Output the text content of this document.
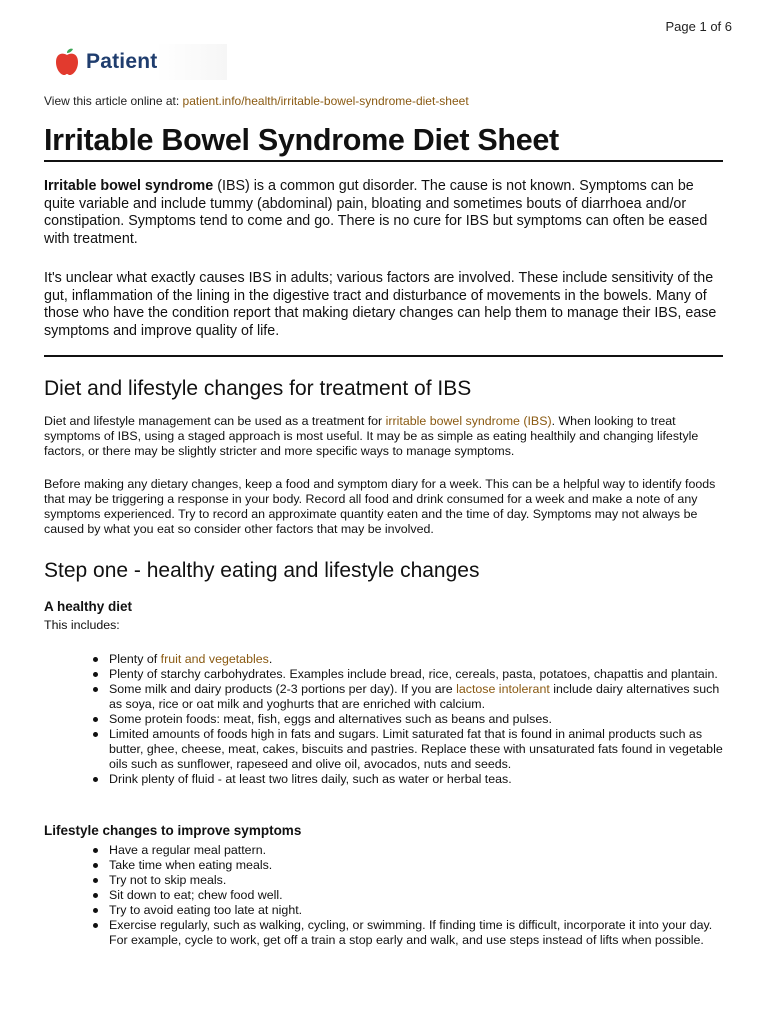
Page 1 of 6
Patient
View this article online at: patient.info/health/irritable-bowel-syndrome-diet-sheet
Irritable Bowel Syndrome Diet Sheet

Irritable bowel syndrome (IBS) is a common gut disorder. The cause is not known. Symptoms can be quite variable and include tummy (abdominal) pain, bloating and sometimes bouts of diarrhoea and/or constipation. Symptoms tend to come and go. There is no cure for IBS but symptoms can often be eased with treatment.

It's unclear what exactly causes IBS in adults; various factors are involved. These include sensitivity of the gut, inflammation of the lining in the digestive tract and disturbance of movements in the bowels. Many of those who have the condition report that making dietary changes can help them to manage their IBS, ease symptoms and improve quality of life.

Diet and lifestyle changes for treatment of IBS

Diet and lifestyle management can be used as a treatment for irritable bowel syndrome (IBS). When looking to treat symptoms of IBS, using a staged approach is most useful. It may be as simple as eating healthily and changing lifestyle factors, or there may be slightly stricter and more specific ways to manage symptoms.

Before making any dietary changes, keep a food and symptom diary for a week. This can be a helpful way to identify foods that may be triggering a response in your body. Record all food and drink consumed for a week and make a note of any symptoms experienced. Try to record an approximate quantity eaten and the time of day. Symptoms may not always be caused by what you eat so consider other factors that may be involved.

Step one - healthy eating and lifestyle changes
A healthy diet

This includes:

Plenty of fruit and vegetables.
Plenty of starchy carbohydrates. Examples include bread, rice, cereals, pasta, potatoes, chapattis and plantain.
Some milk and dairy products (2-3 portions per day). If you are lactose intolerant include dairy alternatives such as soya, rice or oat milk and yoghurts that are enriched with calcium.
Some protein foods: meat, fish, eggs and alternatives such as beans and pulses.
Limited amounts of foods high in fats and sugars. Limit saturated fat that is found in animal products such as butter, ghee, cheese, meat, cakes, biscuits and pastries. Replace these with unsaturated fats found in vegetable oils such as sunflower, rapeseed and olive oil, avocados, nuts and seeds.
Drink plenty of fluid - at least two litres daily, such as water or herbal teas.
Lifestyle changes to improve symptoms
Have a regular meal pattern.
Take time when eating meals.
Try not to skip meals.
Sit down to eat; chew food well.
Try to avoid eating too late at night.
Exercise regularly, such as walking, cycling, or swimming. If finding time is difficult, incorporate it into your day. For example, cycle to work, get off a train a stop early and walk, and use steps instead of lifts when possible.
